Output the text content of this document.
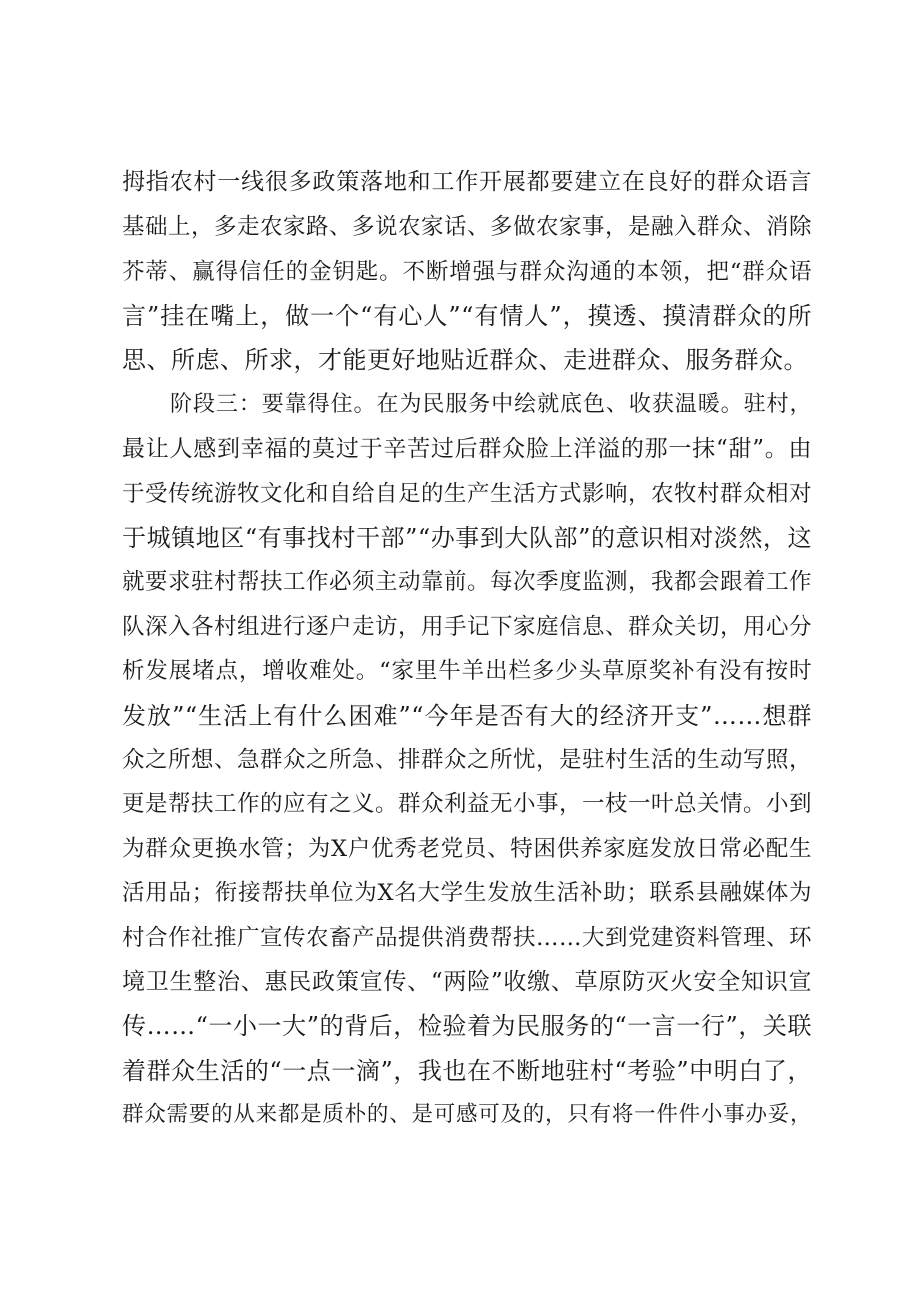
拇指农村一线很多政策落地和工作开展都要建立在良好的群众语言
基础上，多走农家路、多说农家话、多做农家事，是融入群众、消除
芥蒂、赢得信任的金钥匙。不断增强与群众沟通的本领，把“群众语
言”挂在嘴上，做一个“有心人”“有情人”，摸透、摸清群众的所
思、所虑、所求，才能更好地贴近群众、走进群众、服务群众。
阶段三：要靠得住。在为民服务中绘就底色、收获温暖。驻村，
最让人感到幸福的莫过于辛苦过后群众脸上洋溢的那一抹“甜”。由
于受传统游牧文化和自给自足的生产生活方式影响，农牧村群众相对
于城镇地区“有事找村干部”“办事到大队部”的意识相对淡然，这
就要求驻村帮扶工作必须主动靠前。每次季度监测，我都会跟着工作
队深入各村组进行逐户走访，用手记下家庭信息、群众关切，用心分
析发展堵点，增收难处。“家里牛羊出栏多少头草原奖补有没有按时
发放”“生活上有什么困难”“今年是否有大的经济开支”……想群
众之所想、急群众之所急、排群众之所忧，是驻村生活的生动写照，
更是帮扶工作的应有之义。群众利益无小事，一枝一叶总关情。小到
为群众更换水管；为X户优秀老党员、特困供养家庭发放日常必配生
活用品；衔接帮扶单位为X名大学生发放生活补助；联系县融媒体为
村合作社推广宣传农畜产品提供消费帮扶……大到党建资料管理、环
境卫生整治、惠民政策宣传、“两险”收缴、草原防灭火安全知识宣
传……“一小一大”的背后，检验着为民服务的“一言一行”，关联
着群众生活的“一点一滴”，我也在不断地驻村“考验”中明白了，
群众需要的从来都是质朴的、是可感可及的，只有将一件件小事办妥，
